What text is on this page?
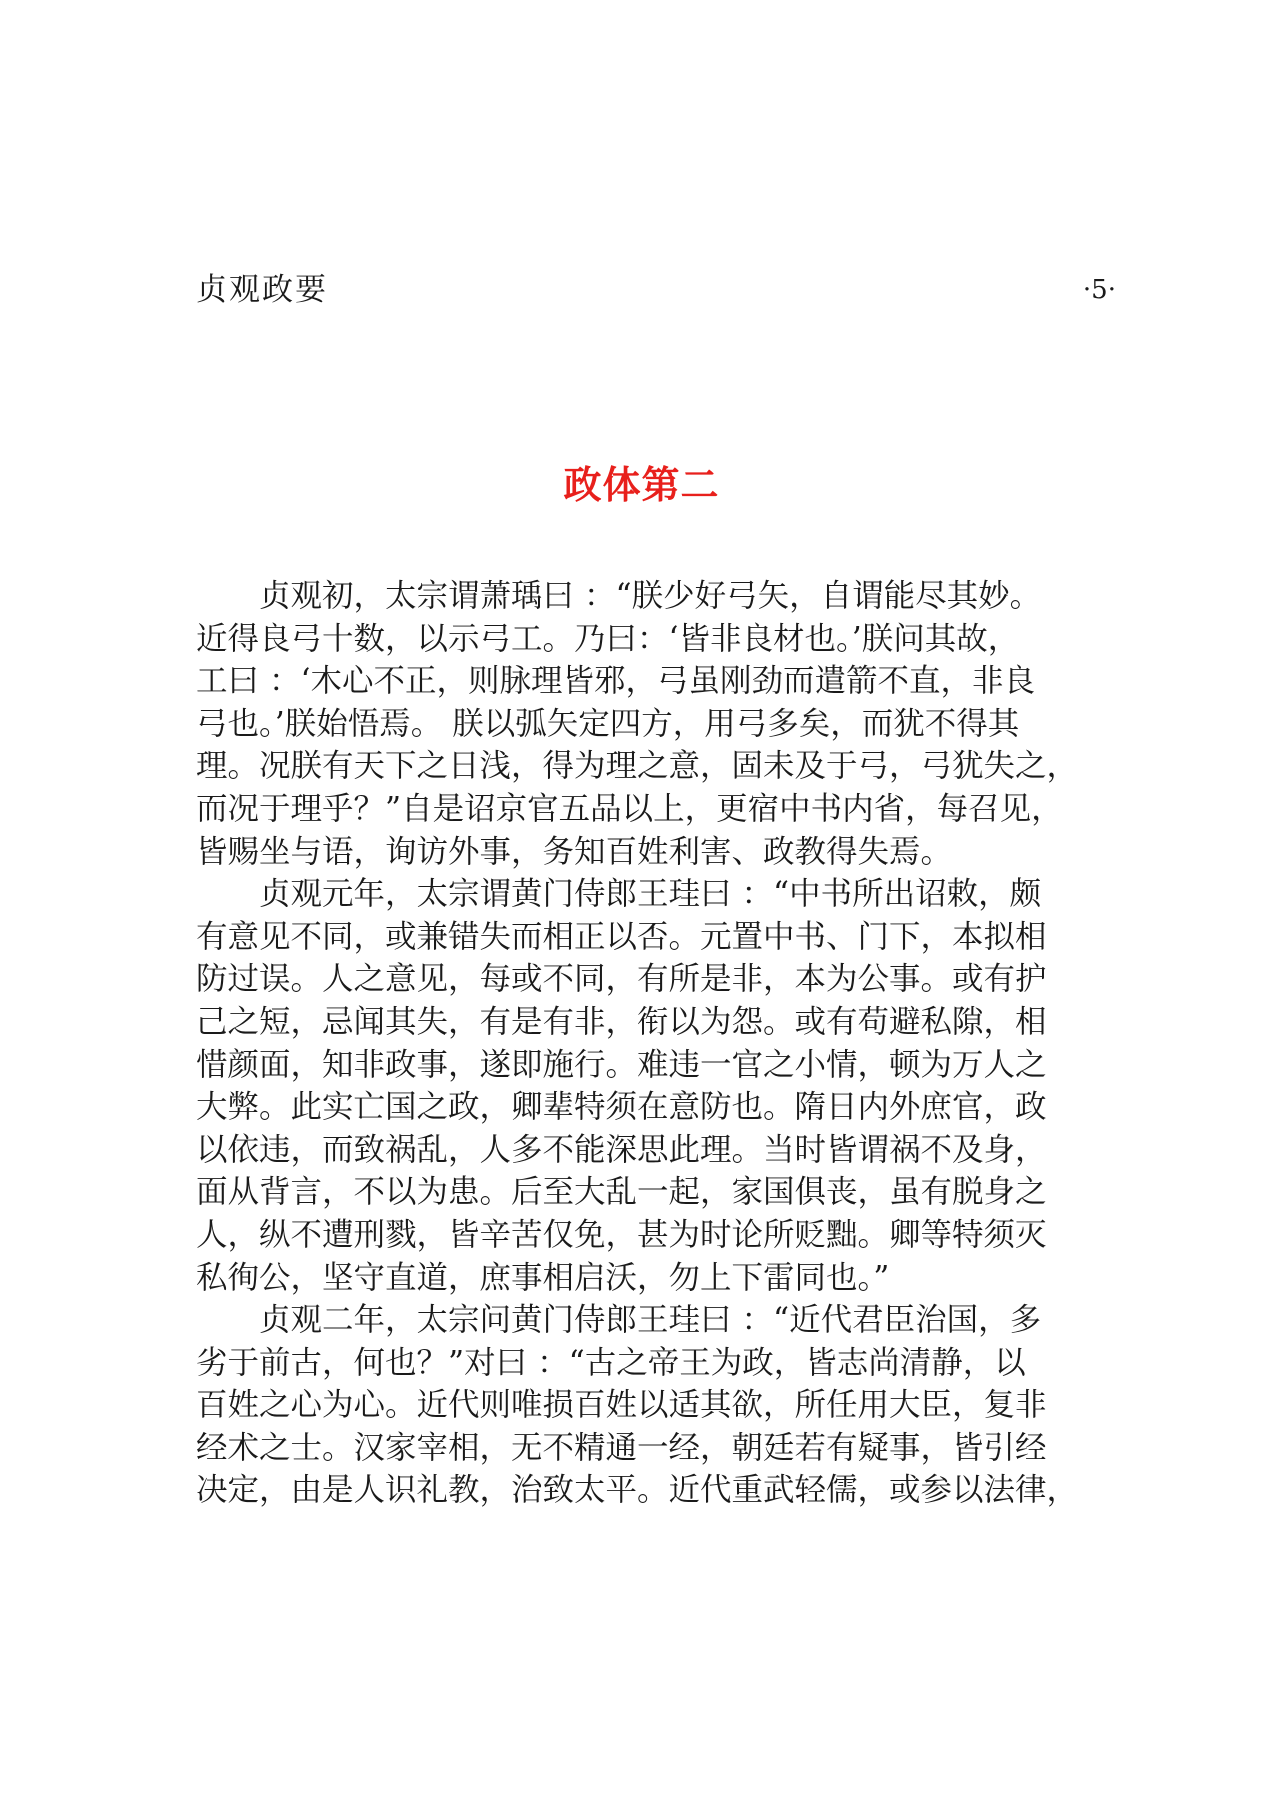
贞观政要	·5·
政体第二
贞观初，太宗谓萧瑀曰 ：“朕少好弓矢，自谓能尽其妙。
近得良弓十数，以示弓工。乃曰：‘皆非良材也。’朕问其故，
工曰 ：‘木心不正，则脉理皆邪，弓虽刚劲而遣箭不直，非良
弓也。’朕始悟焉。 朕以弧矢定四方，用弓多矣，而犹不得其
理。况朕有天下之日浅，得为理之意，固未及于弓，弓犹失之，
而况于理乎？”自是诏京官五品以上，更宿中书内省，每召见，
皆赐坐与语，询访外事，务知百姓利害、政教得失焉。
贞观元年，太宗谓黄门侍郎王珪曰 ：“中书所出诏敕，颇
有意见不同，或兼错失而相正以否。元置中书、门下，本拟相
防过误。人之意见，每或不同，有所是非，本为公事。或有护
己之短，忌闻其失，有是有非，衔以为怨。或有苟避私隙，相
惜颜面，知非政事，遂即施行。难违一官之小情，顿为万人之
大弊。此实亡国之政，卿辈特须在意防也。隋日内外庶官，政
以依违，而致祸乱，人多不能深思此理。当时皆谓祸不及身，
面从背言，不以为患。后至大乱一起，家国俱丧，虽有脱身之
人，纵不遭刑戮，皆辛苦仅免，甚为时论所贬黜。卿等特须灭
私徇公，坚守直道，庶事相启沃，勿上下雷同也。”
贞观二年，太宗问黄门侍郎王珪曰 ：“近代君臣治国，多
劣于前古，何也？”对曰 ：“古之帝王为政，皆志尚清静，以
百姓之心为心。近代则唯损百姓以适其欲，所任用大臣，复非
经术之士。汉家宰相，无不精通一经，朝廷若有疑事，皆引经
决定，由是人识礼教，治致太平。近代重武轻儒，或参以法律，
